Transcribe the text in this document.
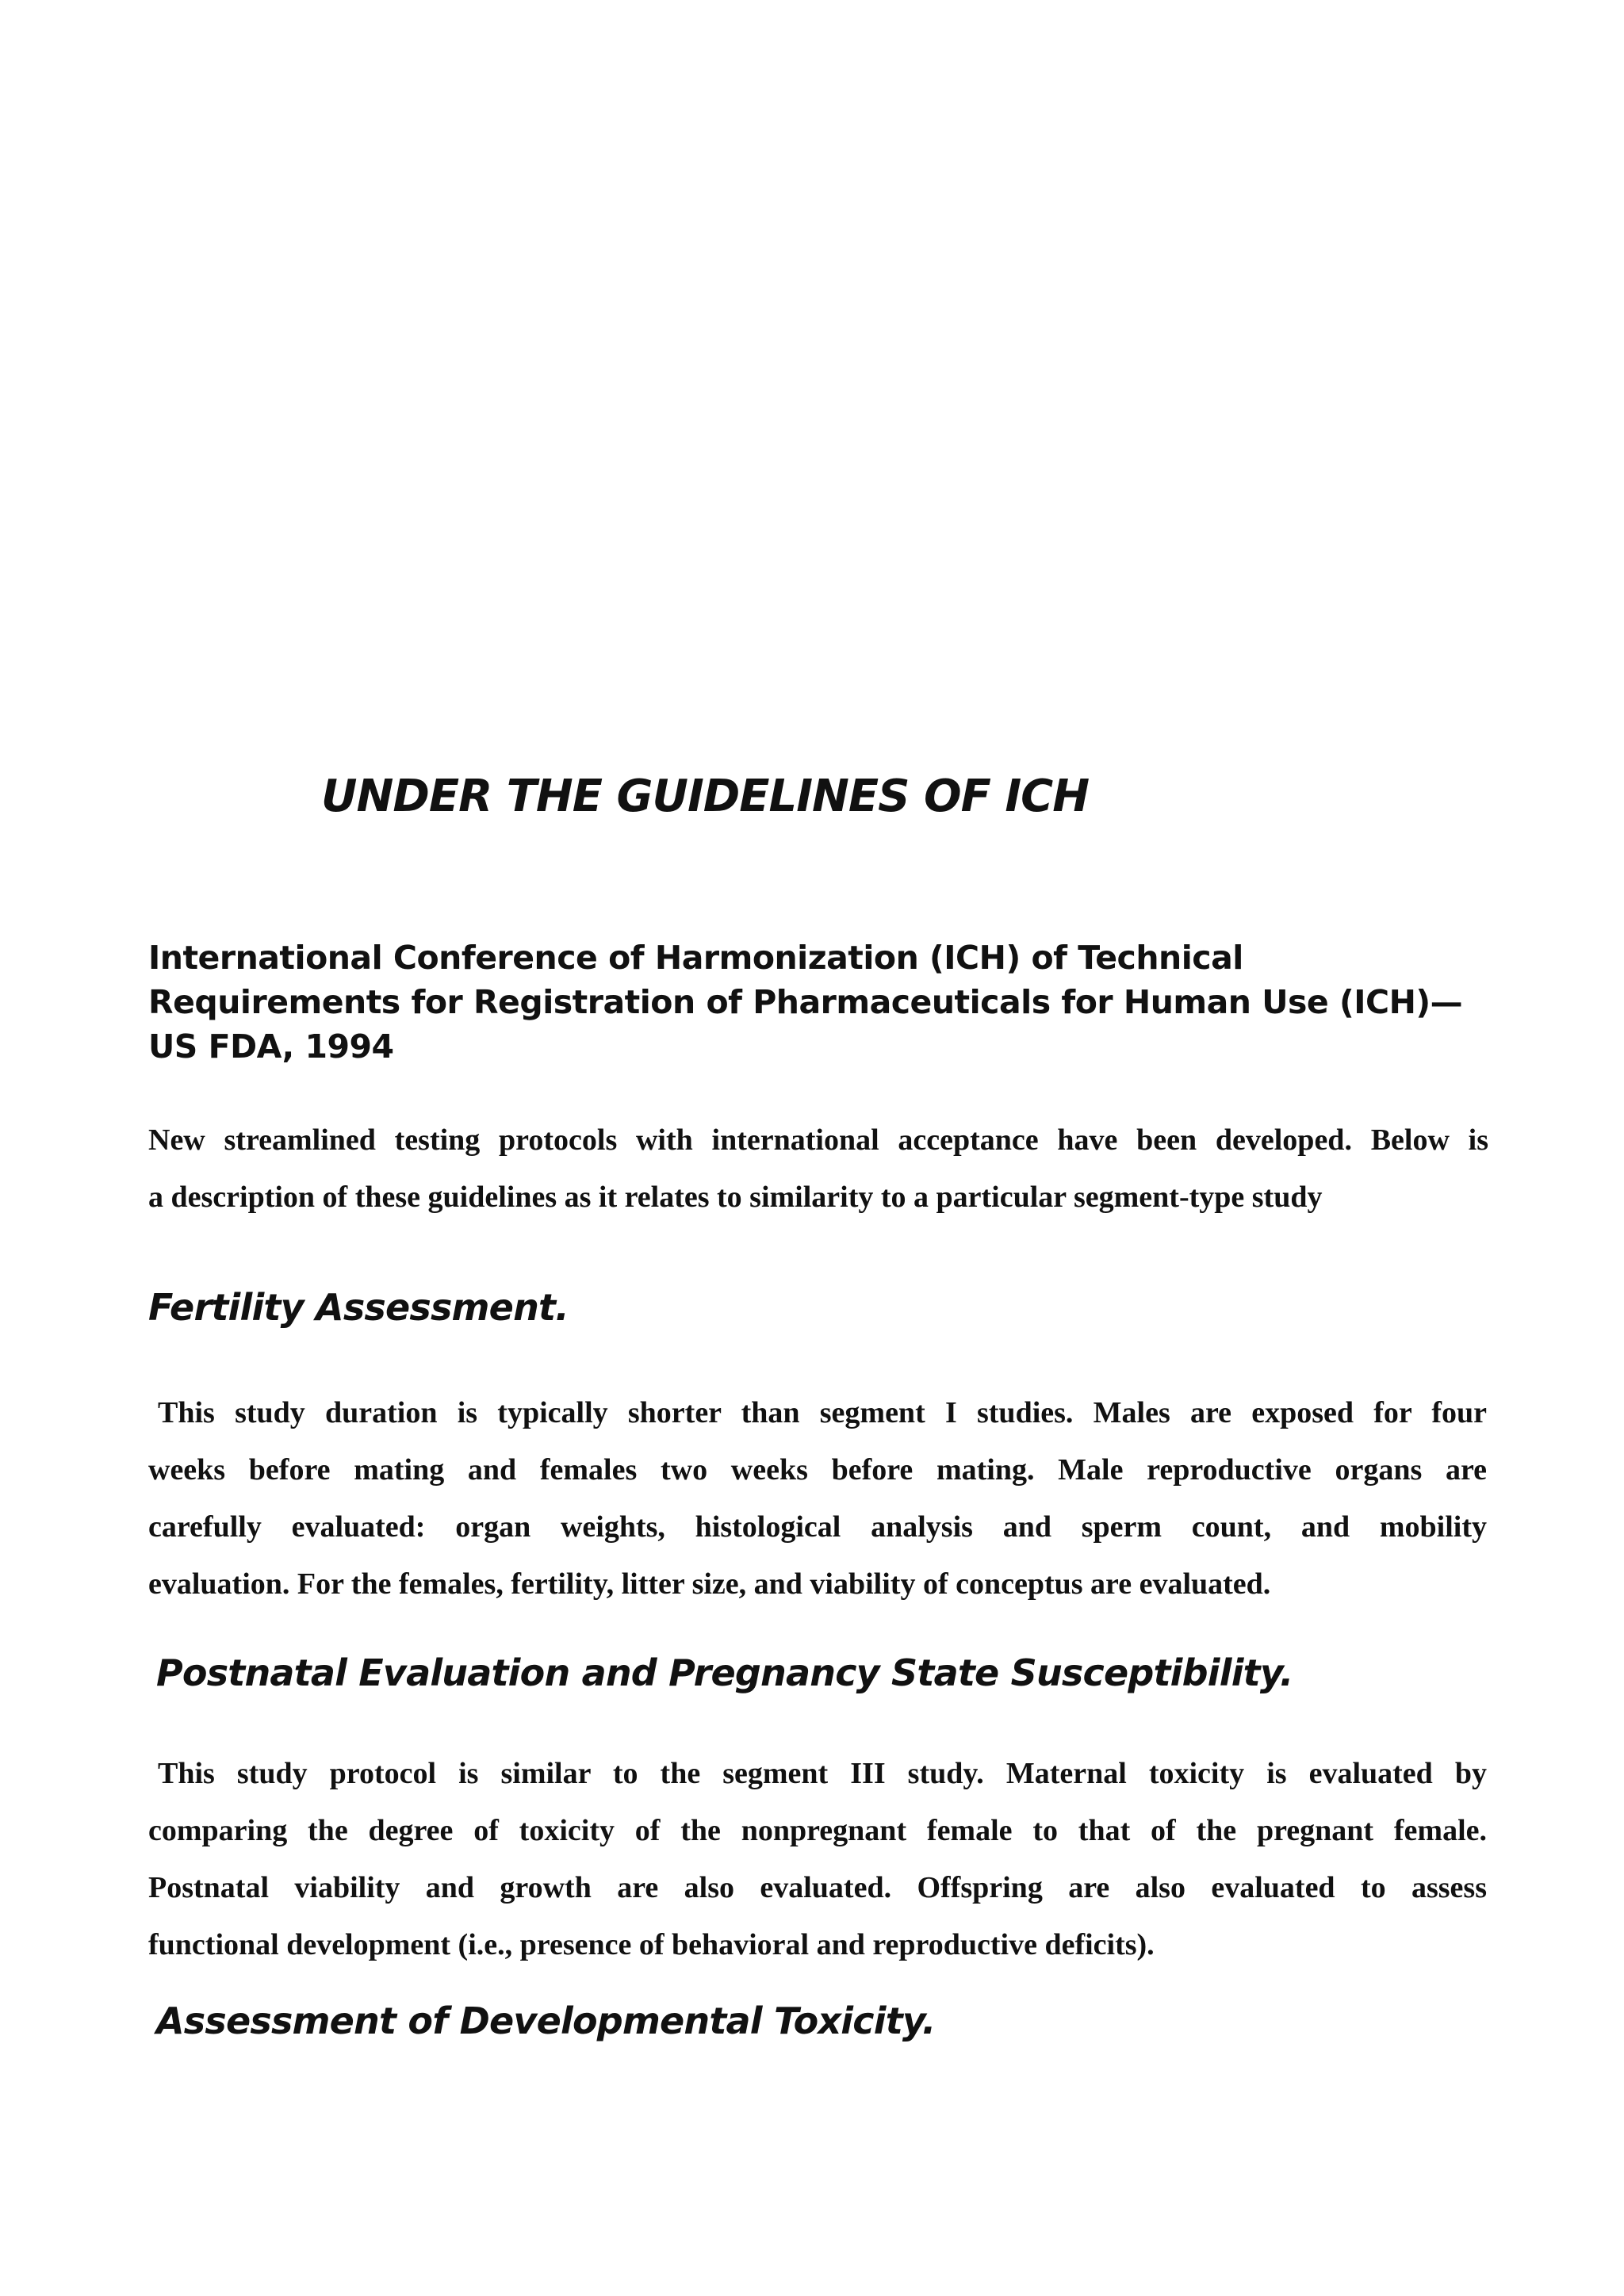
UNDER THE GUIDELINES OF ICH
International Conference of Harmonization (ICH) of Technical
Requirements for Registration of Pharmaceuticals for Human Use (ICH)—
US FDA, 1994
New streamlined testing protocols with international acceptance have been developed. Below is
a description of these guidelines as it relates to similarity to a particular segment-type study
Fertility Assessment.
This study duration is typically shorter than segment I studies. Males are exposed for four
weeks before mating and females two weeks before mating. Male reproductive organs are
carefully evaluated: organ weights, histological analysis and sperm count, and mobility
evaluation. For the females, fertility, litter size, and viability of conceptus are evaluated.
Postnatal Evaluation and Pregnancy State Susceptibility.
This study protocol is similar to the segment III study. Maternal toxicity is evaluated by
comparing the degree of toxicity of the nonpregnant female to that of the pregnant female.
Postnatal viability and growth are also evaluated. Offspring are also evaluated to assess
functional development (i.e., presence of behavioral and reproductive deficits).
Assessment of Developmental Toxicity.
